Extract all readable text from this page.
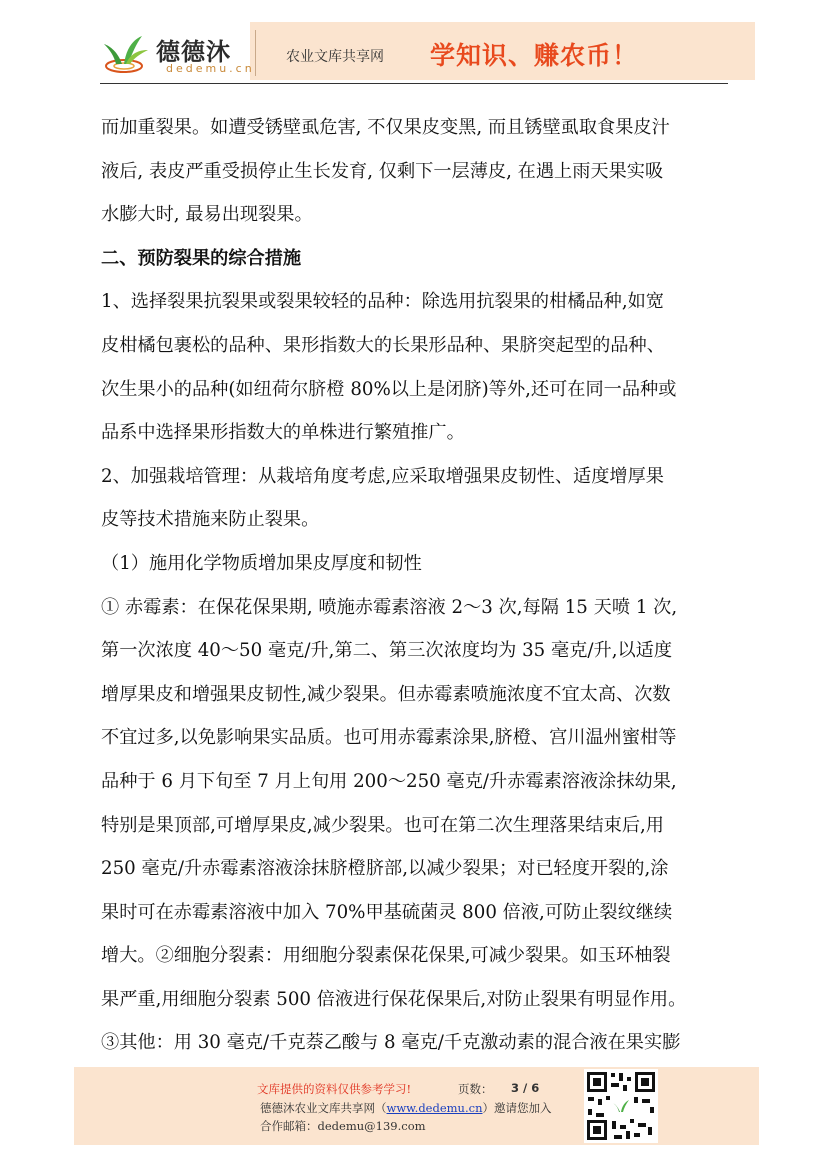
德德沐
dedemu.cn
农业文库共享网 学知识、赚农币！
而加重裂果。如遭受锈壁虱危害, 不仅果皮变黑, 而且锈壁虱取食果皮汁
液后, 表皮严重受损停止生长发育, 仅剩下一层薄皮, 在遇上雨天果实吸
水膨大时, 最易出现裂果。
二、预防裂果的综合措施
1、选择裂果抗裂果或裂果较轻的品种：除选用抗裂果的柑橘品种,如宽
皮柑橘包裹松的品种、果形指数大的长果形品种、果脐突起型的品种、
次生果小的品种(如纽荷尔脐橙 80%以上是闭脐)等外,还可在同一品种或
品系中选择果形指数大的单株进行繁殖推广。
2、加强栽培管理：从栽培角度考虑,应采取增强果皮韧性、适度增厚果
皮等技术措施来防止裂果。
（1）施用化学物质增加果皮厚度和韧性
① 赤霉素：在保花保果期, 喷施赤霉素溶液 2～3 次,每隔 15 天喷 1 次,
第一次浓度 40～50 毫克/升,第二、第三次浓度均为 35 毫克/升,以适度
增厚果皮和增强果皮韧性,减少裂果。但赤霉素喷施浓度不宜太高、次数
不宜过多,以免影响果实品质。也可用赤霉素涂果,脐橙、宫川温州蜜柑等
品种于 6 月下旬至 7 月上旬用 200～250 毫克/升赤霉素溶液涂抹幼果,
特别是果顶部,可增厚果皮,减少裂果。也可在第二次生理落果结束后,用
250 毫克/升赤霉素溶液涂抹脐橙脐部,以减少裂果；对已轻度开裂的,涂
果时可在赤霉素溶液中加入 70%甲基硫菌灵 800 倍液,可防止裂纹继续
增大。②细胞分裂素：用细胞分裂素保花保果,可减少裂果。如玉环柚裂
果严重,用细胞分裂素 500 倍液进行保花保果后,对防止裂果有明显作用。
③其他：用 30 毫克/千克萘乙酸与 8 毫克/千克激动素的混合液在果实膨
文库提供的资料仅供参考学习!	页数： 3 / 6
德德沐农业文库共享网（www.dedemu.cn）邀请您加入
合作邮箱：dedemu@139.com
